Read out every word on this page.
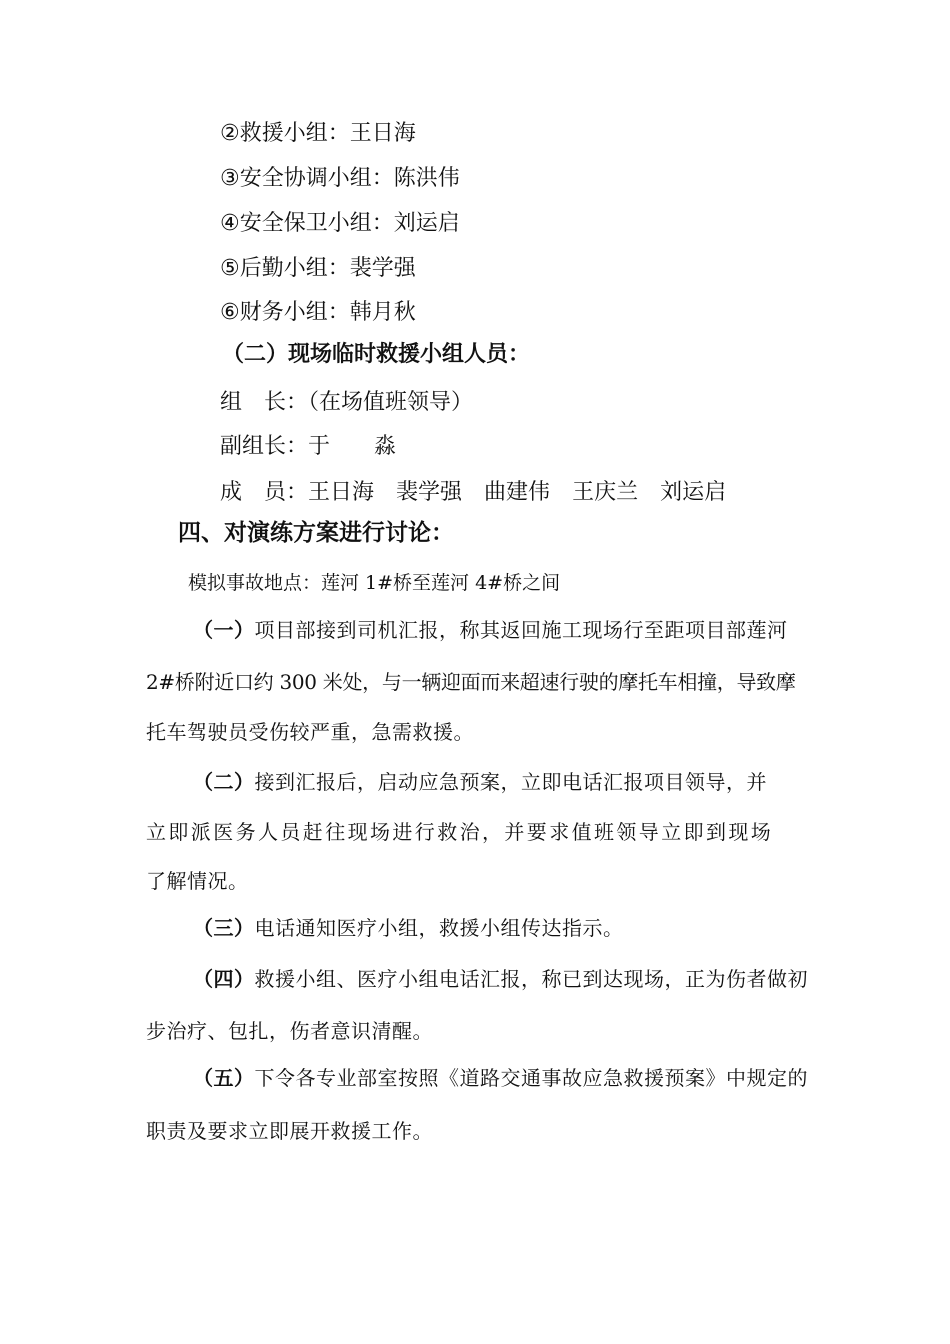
②救援小组：王日海
③安全协调小组：陈洪伟
④安全保卫小组：刘运启
⑤后勤小组：裴学强
⑥财务小组：韩月秋
（二）现场临时救援小组人员：
组　长：（在场值班领导）
副组长：于　　淼
成　员：王日海 裴学强 曲建伟 王庆兰 刘运启
四、对演练方案进行讨论：
模拟事故地点：莲河 1#桥至莲河 4#桥之间
（一）项目部接到司机汇报，称其返回施工现场行至距项目部莲河
2#桥附近口约 300 米处，与一辆迎面而来超速行驶的摩托车相撞，导致摩
托车驾驶员受伤较严重，急需救援。
（二）接到汇报后，启动应急预案，立即电话汇报项目领导，并
立即派医务人员赶往现场进行救治，并要求值班领导立即到现场
了解情况。
（三）电话通知医疗小组，救援小组传达指示。
（四）救援小组、医疗小组电话汇报，称已到达现场，正为伤者做初
步治疗、包扎，伤者意识清醒。
（五）下令各专业部室按照《道路交通事故应急救援预案》中规定的
职责及要求立即展开救援工作。
